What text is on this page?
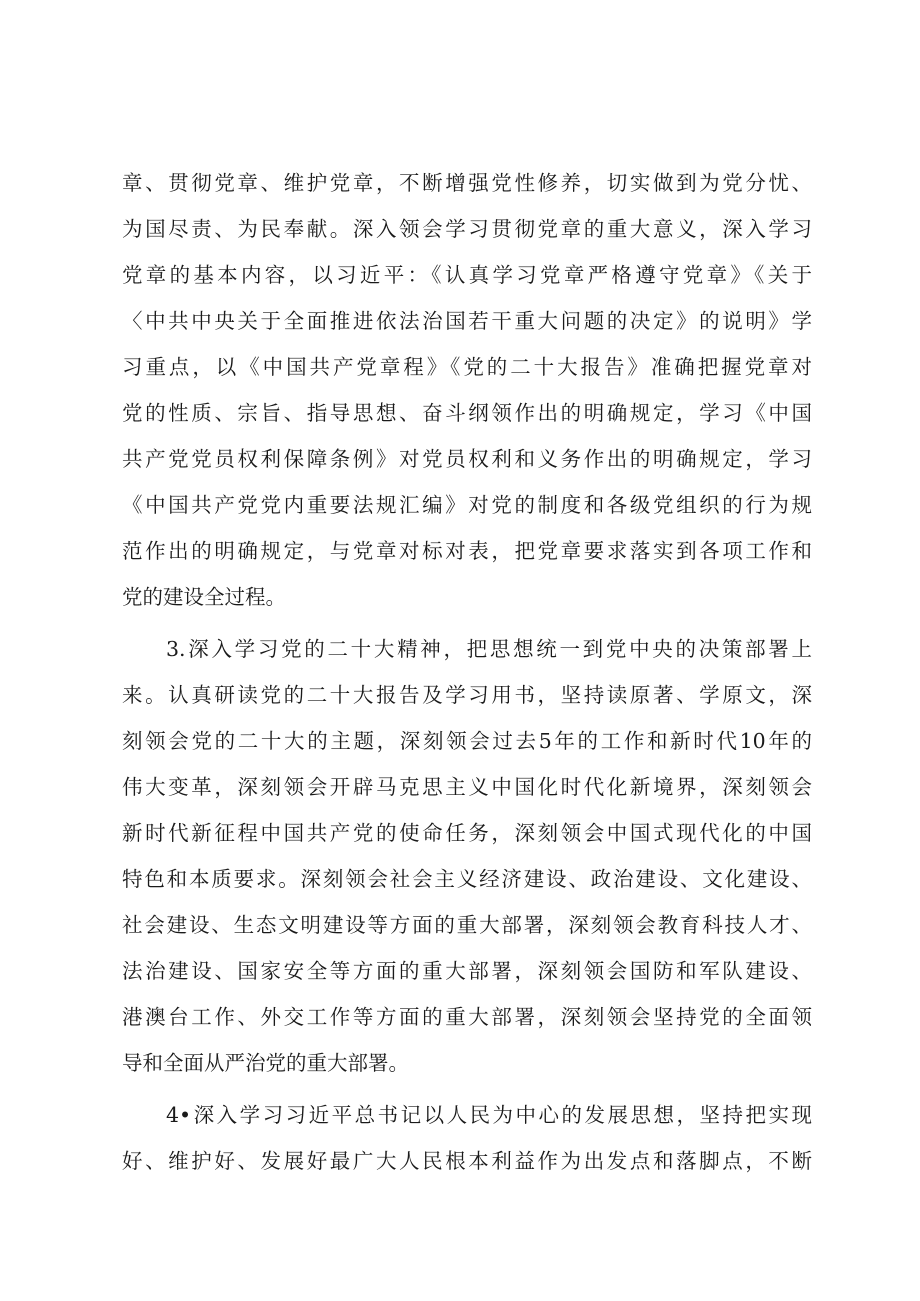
章、贯彻党章、维护党章，不断增强党性修养，切实做到为党分忧、
为国尽责、为民奉献。深入领会学习贯彻党章的重大意义，深入学习
党章的基本内容，以习近平：《认真学习党章严格遵守党章》《关于
〈中共中央关于全面推进依法治国若干重大问题的决定》的说明》学
习重点，以《中国共产党章程》《党的二十大报告》准确把握党章对
党的性质、宗旨、指导思想、奋斗纲领作出的明确规定，学习《中国
共产党党员权利保障条例》对党员权利和义务作出的明确规定，学习
《中国共产党党内重要法规汇编》对党的制度和各级党组织的行为规
范作出的明确规定，与党章对标对表，把党章要求落实到各项工作和
党的建设全过程。
3.深入学习党的二十大精神，把思想统一到党中央的决策部署上
来。认真研读党的二十大报告及学习用书，坚持读原著、学原文，深
刻领会党的二十大的主题，深刻领会过去5年的工作和新时代10年的
伟大变革，深刻领会开辟马克思主义中国化时代化新境界，深刻领会
新时代新征程中国共产党的使命任务，深刻领会中国式现代化的中国
特色和本质要求。深刻领会社会主义经济建设、政治建设、文化建设、
社会建设、生态文明建设等方面的重大部署，深刻领会教育科技人才、
法治建设、国家安全等方面的重大部署，深刻领会国防和军队建设、
港澳台工作、外交工作等方面的重大部署，深刻领会坚持党的全面领
导和全面从严治党的重大部署。
4•深入学习习近平总书记以人民为中心的发展思想，坚持把实现
好、维护好、发展好最广大人民根本利益作为出发点和落脚点，不断
